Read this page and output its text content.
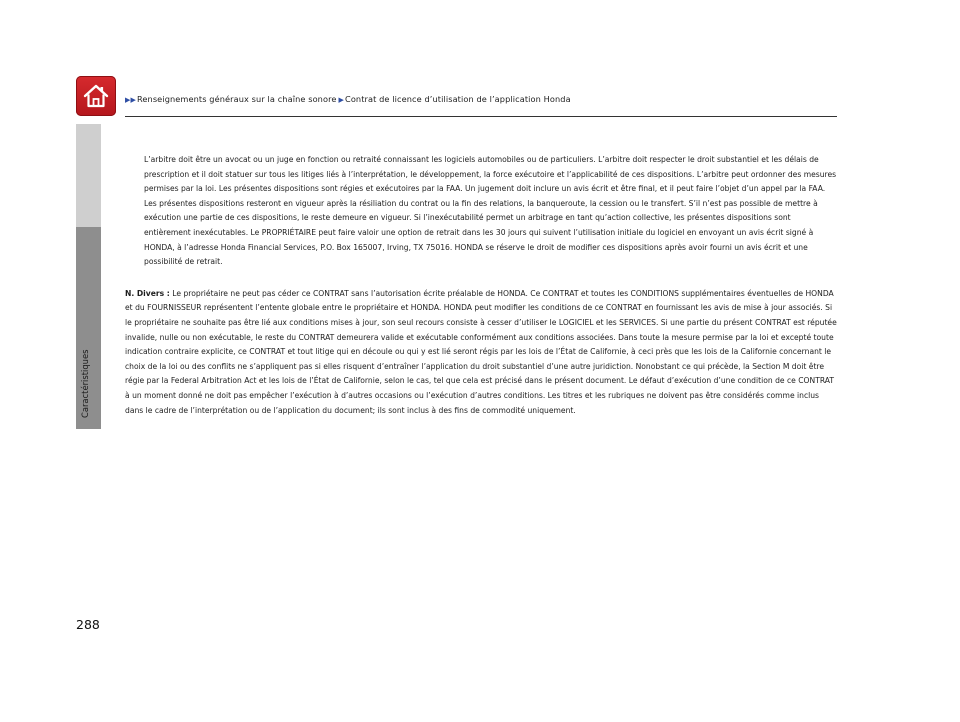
▶▶Renseignements généraux sur la chaîne sonore ▶Contrat de licence d’utilisation de l’application Honda
Caractéristiques

L’arbitre doit être un avocat ou un juge en fonction ou retraité connaissant les logiciels automobiles ou de particuliers. L’arbitre doit respecter le droit substantiel et les délais de prescription et il doit statuer sur tous les litiges liés à l’interprétation, le développement, la force exécutoire et l’applicabilité de ces dispositions. L’arbitre peut ordonner des mesures permises par la loi. Les présentes dispositions sont régies et exécutoires par la FAA. Un jugement doit inclure un avis écrit et être final, et il peut faire l’objet d’un appel par la FAA.

Les présentes dispositions resteront en vigueur après la résiliation du contrat ou la fin des relations, la banqueroute, la cession ou le transfert. S’il n’est pas possible de mettre à exécution une partie de ces dispositions, le reste demeure en vigueur. Si l’inexécutabilité permet un arbitrage en tant qu’action collective, les présentes dispositions sont entièrement inexécutables. Le PROPRIÉTAIRE peut faire valoir une option de retrait dans les 30 jours qui suivent l’utilisation initiale du logiciel en envoyant un avis écrit signé à HONDA, à l’adresse Honda Financial Services, P.O. Box 165007, Irving, TX 75016. HONDA se réserve le droit de modifier ces dispositions après avoir fourni un avis écrit et une possibilité de retrait.

N. Divers : Le propriétaire ne peut pas céder ce CONTRAT sans l’autorisation écrite préalable de HONDA. Ce CONTRAT et toutes les CONDITIONS supplémentaires éventuelles de HONDA et du FOURNISSEUR représentent l’entente globale entre le propriétaire et HONDA. HONDA peut modifier les conditions de ce CONTRAT en fournissant les avis de mise à jour associés. Si le propriétaire ne souhaite pas être lié aux conditions mises à jour, son seul recours consiste à cesser d’utiliser le LOGICIEL et les SERVICES. Si une partie du présent CONTRAT est réputée invalide, nulle ou non exécutable, le reste du CONTRAT demeurera valide et exécutable conformément aux conditions associées. Dans toute la mesure permise par la loi et excepté toute indication contraire explicite, ce CONTRAT et tout litige qui en découle ou qui y est lié seront régis par les lois de l’État de Californie, à ceci près que les lois de la Californie concernant le choix de la loi ou des conflits ne s’appliquent pas si elles risquent d’entraîner l’application du droit substantiel d’une autre juridiction. Nonobstant ce qui précède, la Section M doit être régie par la Federal Arbitration Act et les lois de l’État de Californie, selon le cas, tel que cela est précisé dans le présent document. Le défaut d’exécution d’une condition de ce CONTRAT à un moment donné ne doit pas empêcher l’exécution à d’autres occasions ou l’exécution d’autres conditions. Les titres et les rubriques ne doivent pas être considérés comme inclus dans le cadre de l’interprétation ou de l’application du document; ils sont inclus à des fins de commodité uniquement.

288
